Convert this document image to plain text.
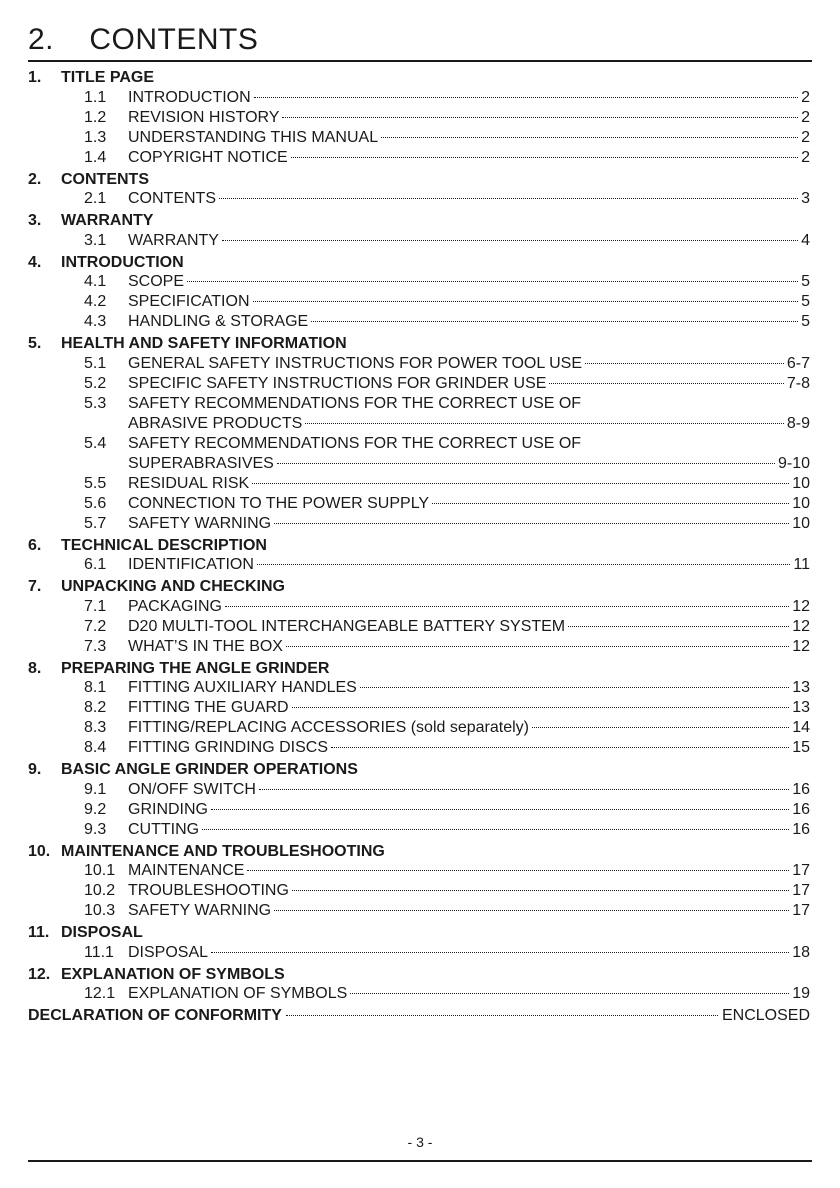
2. CONTENTS
1.	TITLE PAGE
1.1	INTRODUCTION	2
1.2	REVISION HISTORY	2
1.3	UNDERSTANDING THIS MANUAL	2
1.4	COPYRIGHT NOTICE	2
2.	CONTENTS
2.1	CONTENTS	3
3.	WARRANTY
3.1	WARRANTY	4
4.	INTRODUCTION
4.1	SCOPE	5
4.2	SPECIFICATION	5
4.3	HANDLING & STORAGE	5
5.	HEALTH AND SAFETY INFORMATION
5.1	GENERAL SAFETY INSTRUCTIONS FOR POWER TOOL USE	6-7
5.2	SPECIFIC SAFETY INSTRUCTIONS FOR GRINDER USE	7-8
5.3	SAFETY RECOMMENDATIONS FOR THE CORRECT USE OF
ABRASIVE PRODUCTS	8-9
5.4	SAFETY RECOMMENDATIONS FOR THE CORRECT USE OF
SUPERABRASIVES	9-10
5.5	RESIDUAL RISK	10
5.6	CONNECTION TO THE POWER SUPPLY	10
5.7	SAFETY WARNING	10
6.	TECHNICAL DESCRIPTION
6.1	IDENTIFICATION	11
7.	UNPACKING AND CHECKING
7.1	PACKAGING	12
7.2	D20 MULTI-TOOL INTERCHANGEABLE BATTERY SYSTEM	12
7.3	WHAT’S IN THE BOX	12
8.	PREPARING THE ANGLE GRINDER
8.1	FITTING AUXILIARY HANDLES	13
8.2	FITTING THE GUARD	13
8.3	FITTING/REPLACING ACCESSORIES (sold separately)	14
8.4	FITTING GRINDING DISCS	15
9.	BASIC ANGLE GRINDER OPERATIONS
9.1	ON/OFF SWITCH	16
9.2	GRINDING	16
9.3	CUTTING	16
10. MAINTENANCE AND TROUBLESHOOTING
10.1 MAINTENANCE	17
10.2 TROUBLESHOOTING	17
10.3 SAFETY WARNING	17
11. DISPOSAL
11.1 DISPOSAL	18
12. EXPLANATION OF SYMBOLS
12.1 EXPLANATION OF SYMBOLS	19
DECLARATION OF CONFORMITY	ENCLOSED
- 3 -
